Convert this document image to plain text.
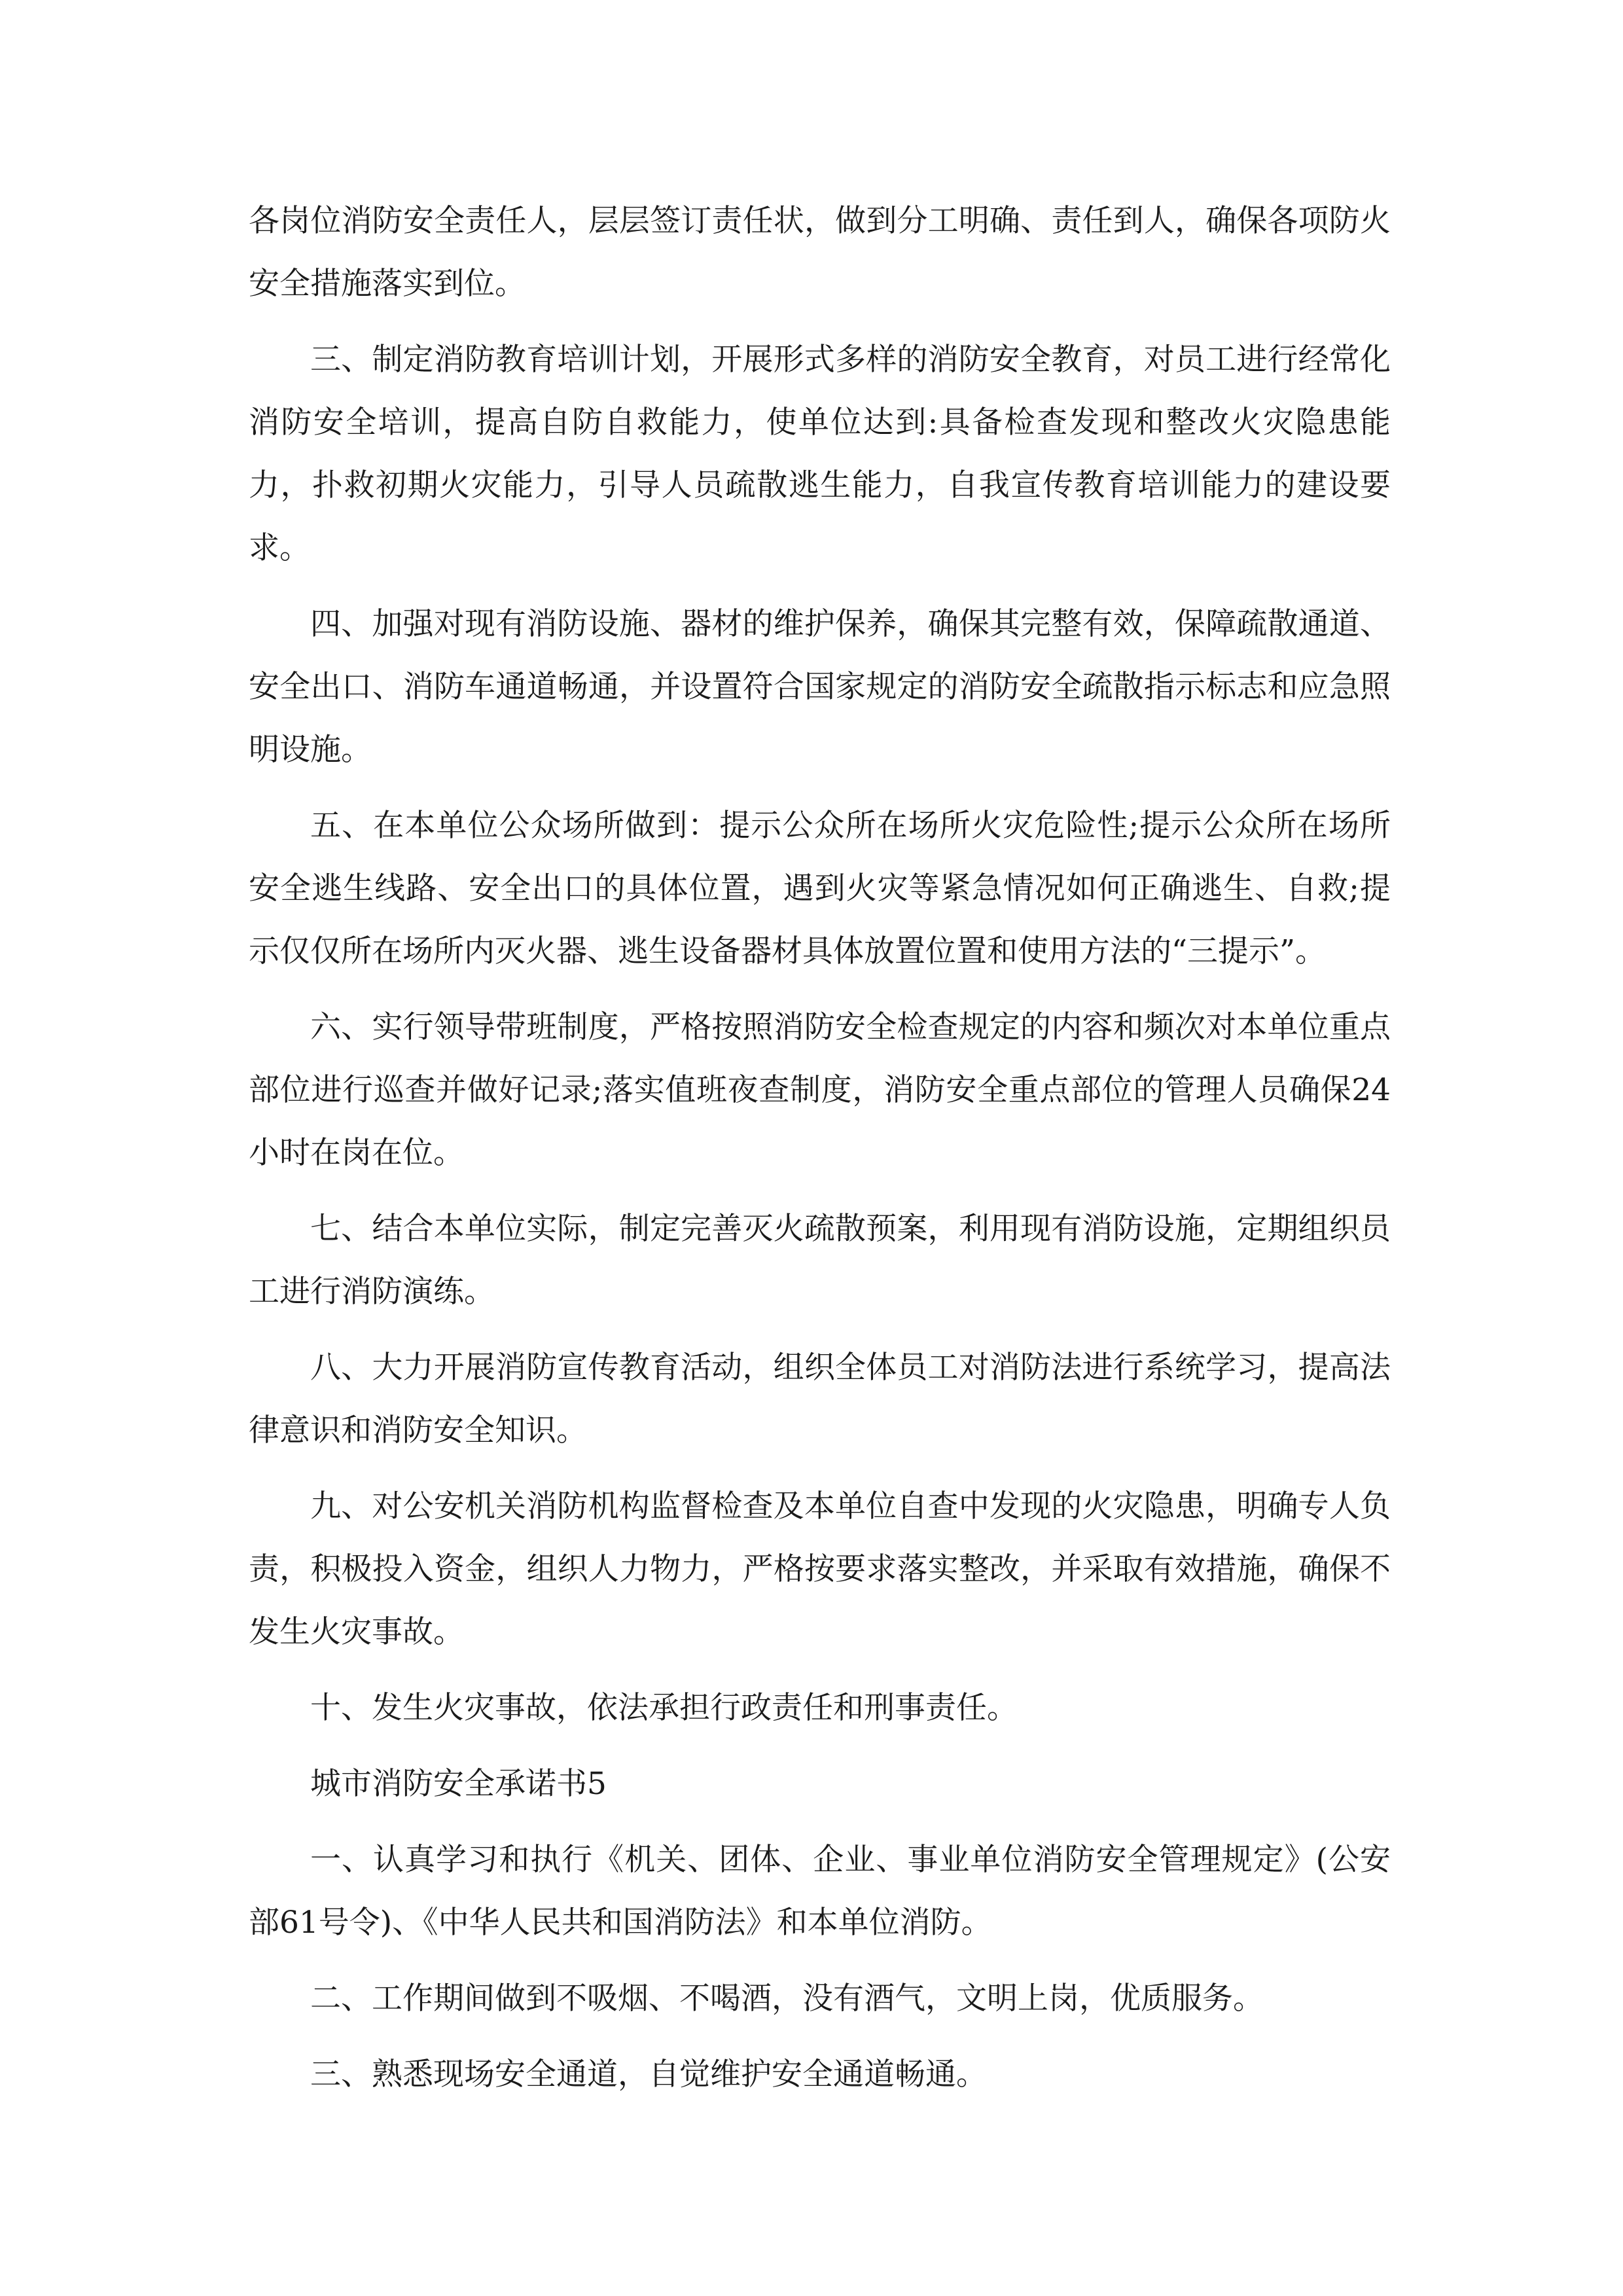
各岗位消防安全责任人，层层签订责任状，做到分工明确、责任到人，确保各项防火安全措施落实到位。

三、制定消防教育培训计划，开展形式多样的消防安全教育，对员工进行经常化消防安全培训，提高自防自救能力，使单位达到:具备检查发现和整改火灾隐患能力，扑救初期火灾能力，引导人员疏散逃生能力，自我宣传教育培训能力的建设要求。

四、加强对现有消防设施、器材的维护保养，确保其完整有效，保障疏散通道、安全出口、消防车通道畅通，并设置符合国家规定的消防安全疏散指示标志和应急照明设施。

五、在本单位公众场所做到：提示公众所在场所火灾危险性;提示公众所在场所安全逃生线路、安全出口的具体位置，遇到火灾等紧急情况如何正确逃生、自救;提示仅仅所在场所内灭火器、逃生设备器材具体放置位置和使用方法的“三提示”。

六、实行领导带班制度，严格按照消防安全检查规定的内容和频次对本单位重点部位进行巡查并做好记录;落实值班夜查制度，消防安全重点部位的管理人员确保24小时在岗在位。

七、结合本单位实际，制定完善灭火疏散预案，利用现有消防设施，定期组织员工进行消防演练。

八、大力开展消防宣传教育活动，组织全体员工对消防法进行系统学习，提高法律意识和消防安全知识。

九、对公安机关消防机构监督检查及本单位自查中发现的火灾隐患，明确专人负责，积极投入资金，组织人力物力，严格按要求落实整改，并采取有效措施，确保不发生火灾事故。

十、发生火灾事故，依法承担行政责任和刑事责任。

城市消防安全承诺书5

一、认真学习和执行《机关、团体、企业、事业单位消防安全管理规定》(公安部61号令)、《中华人民共和国消防法》和本单位消防。

二、工作期间做到不吸烟、不喝酒，没有酒气，文明上岗，优质服务。

三、熟悉现场安全通道，自觉维护安全通道畅通。
